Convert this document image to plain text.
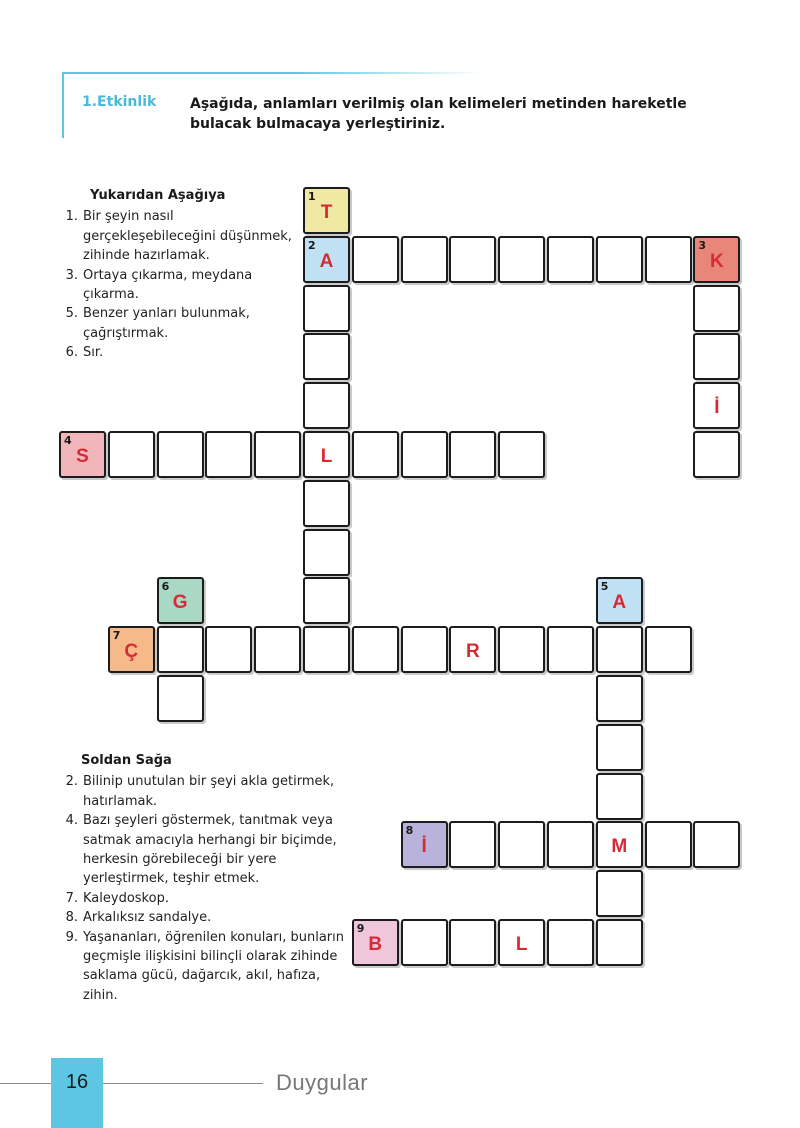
1.Etkinlik Aşağıda, anlamları verilmiş olan kelimeleri metinden hareketle bulacak bulmacaya yerleştiriniz.
Yukarıdan Aşağıya
1. Bir şeyin nasıl gerçekleşebileceğini düşünmek, zihinde hazırlamak.
3. Ortaya çıkarma, meydana çıkarma.
5. Benzer yanları bulunmak, çağrıştırmak.
6. Sır.
Soldan Sağa
2. Bilinip unutulan bir şeyi akla getirmek, hatırlamak.
4. Bazı şeyleri göstermek, tanıtmak veya satmak amacıyla herhangi bir biçimde, herkesin görebileceği bir yere yerleştirmek, teşhir etmek.
7. Kaleydoskop.
8. Arkalıksız sandalye.
9. Yaşananları, öğrenilen konuları, bunların geçmişle ilişkisini bilinçli olarak zihinde saklama gücü, dağarcık, akıl, hafıza, zihin.
1
T
2
A
3
K
İ
4
S	L
6
G
5
A
7
Ç	R
8
İ	M
9
B	L
16	Duygular
